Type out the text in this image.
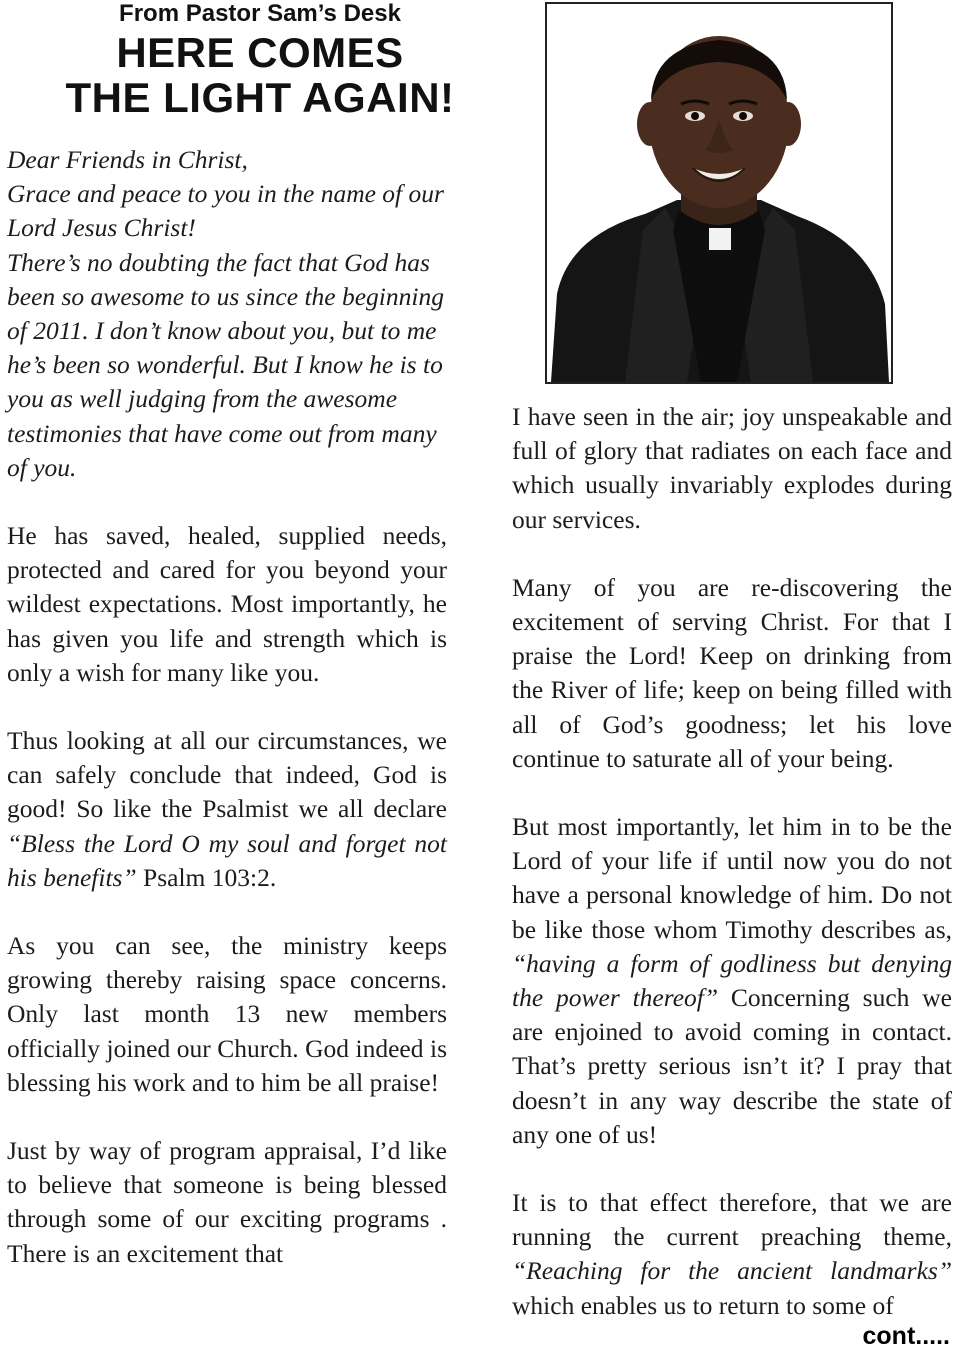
From Pastor Sam’s Desk
HERE COMES
THE LIGHT AGAIN!

Dear Friends in Christ,
Grace and peace to you in the name of our Lord Jesus Christ!
There’s no doubting the fact that God has been so awesome to us since the beginning of 2011. I don’t know about you, but to me he’s been so wonderful. But I know he is to you as well judging from the awesome testimonies that have come out from many of you.

He has saved, healed, supplied needs, protected and cared for you beyond your wildest expectations. Most importantly, he has given you life and strength which is only a wish for many like you.

Thus looking at all our circumstances, we can safely conclude that indeed, God is good! So like the Psalmist we all declare “Bless the Lord O my soul and forget not his benefits” Psalm 103:2.

As you can see, the ministry keeps growing thereby raising space concerns. Only last month 13 new members officially joined our Church. God indeed is blessing his work and to him be all praise!

Just by way of program appraisal, I’d like to believe that someone is being blessed through some of our exciting programs . There is an excitement that

I have seen in the air; joy unspeakable and full of glory that radiates on each face and which usually invariably explodes during our services.

Many of you are re-discovering the excitement of serving Christ. For that I praise the Lord! Keep on drinking from the River of life; keep on being filled with all of God’s goodness; let his love continue to saturate all of your being.

But most importantly, let him in to be the Lord of your life if until now you do not have a personal knowledge of him. Do not be like those whom Timothy describes as, “having a form of godliness but denying the power thereof” Concerning such we are enjoined to avoid coming in contact. That’s pretty serious isn’t it? I pray that doesn’t in any way describe the state of any one of us!

It is to that effect therefore, that we are running the current preaching theme, “Reaching for the ancient landmarks” which enables us to return to some of

cont.....
